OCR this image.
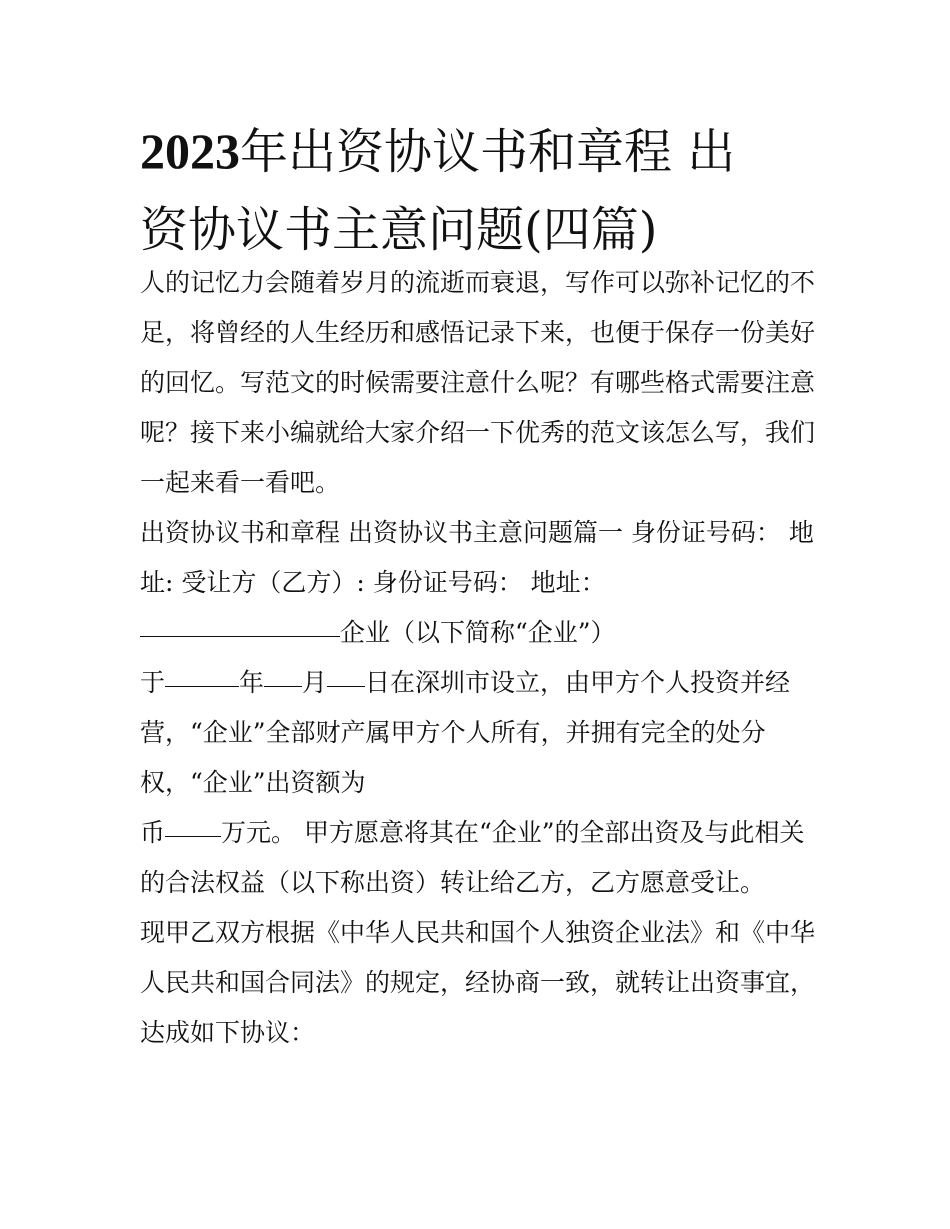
2023年出资协议书和章程 出
资协议书主意问题(四篇)
人的记忆力会随着岁月的流逝而衰退，写作可以弥补记忆的不
足，将曾经的人生经历和感悟记录下来，也便于保存一份美好
的回忆。写范文的时候需要注意什么呢？有哪些格式需要注意
呢？接下来小编就给大家介绍一下优秀的范文该怎么写，我们
一起来看一看吧。
出资协议书和章程 出资协议书主意问题篇一 身份证号码： 地
址: 受让方（乙方）: 身份证号码： 地址：
企业（以下简称“企业”）
于	年 月 日在深圳市设立，由甲方个人投资并经
营，“企业”全部财产属甲方个人所有，并拥有完全的处分
权，“企业”出资额为
币 万元。 甲方愿意将其在“企业”的全部出资及与此相关
的合法权益（以下称出资）转让给乙方，乙方愿意受让。
现甲乙双方根据《中华人民共和国个人独资企业法》和《中华
人民共和国合同法》的规定，经协商一致，就转让出资事宜，
达成如下协议：
